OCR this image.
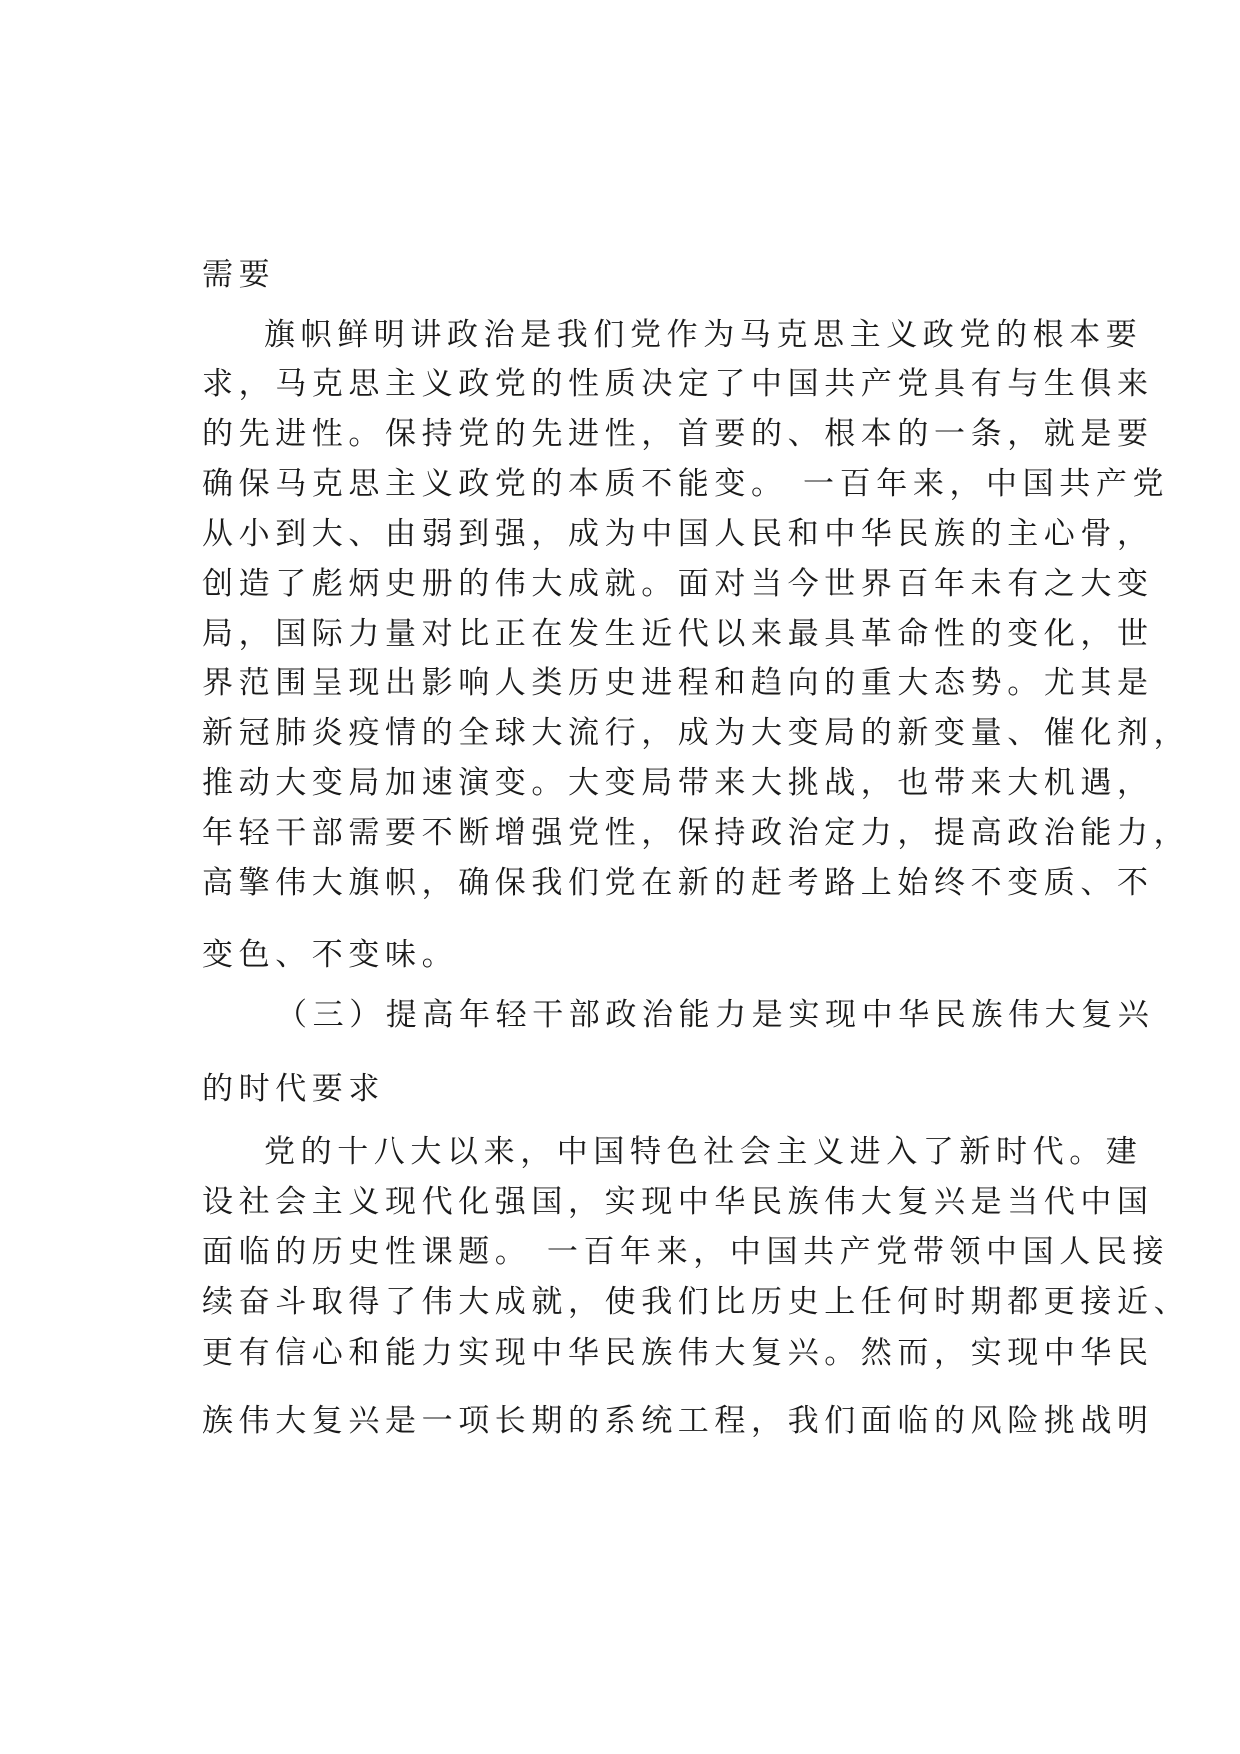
需要
旗帜鲜明讲政治是我们党作为马克思主义政党的根本要
求，马克思主义政党的性质决定了中国共产党具有与生俱来
的先进性。保持党的先进性，首要的、根本的一条，就是要
确保马克思主义政党的本质不能变。 一百年来，中国共产党
从小到大、由弱到强，成为中国人民和中华民族的主心骨，
创造了彪炳史册的伟大成就。面对当今世界百年未有之大变
局，国际力量对比正在发生近代以来最具革命性的变化，世
界范围呈现出影响人类历史进程和趋向的重大态势。尤其是
新冠肺炎疫情的全球大流行，成为大变局的新变量、催化剂，
推动大变局加速演变。大变局带来大挑战，也带来大机遇，
年轻干部需要不断增强党性，保持政治定力，提高政治能力，
高擎伟大旗帜，确保我们党在新的赶考路上始终不变质、不
变色、不变味。
（三）提高年轻干部政治能力是实现中华民族伟大复兴
的时代要求
党的十八大以来，中国特色社会主义进入了新时代。建
设社会主义现代化强国，实现中华民族伟大复兴是当代中国
面临的历史性课题。 一百年来，中国共产党带领中国人民接
续奋斗取得了伟大成就，使我们比历史上任何时期都更接近、
更有信心和能力实现中华民族伟大复兴。然而，实现中华民
族伟大复兴是一项长期的系统工程，我们面临的风险挑战明
